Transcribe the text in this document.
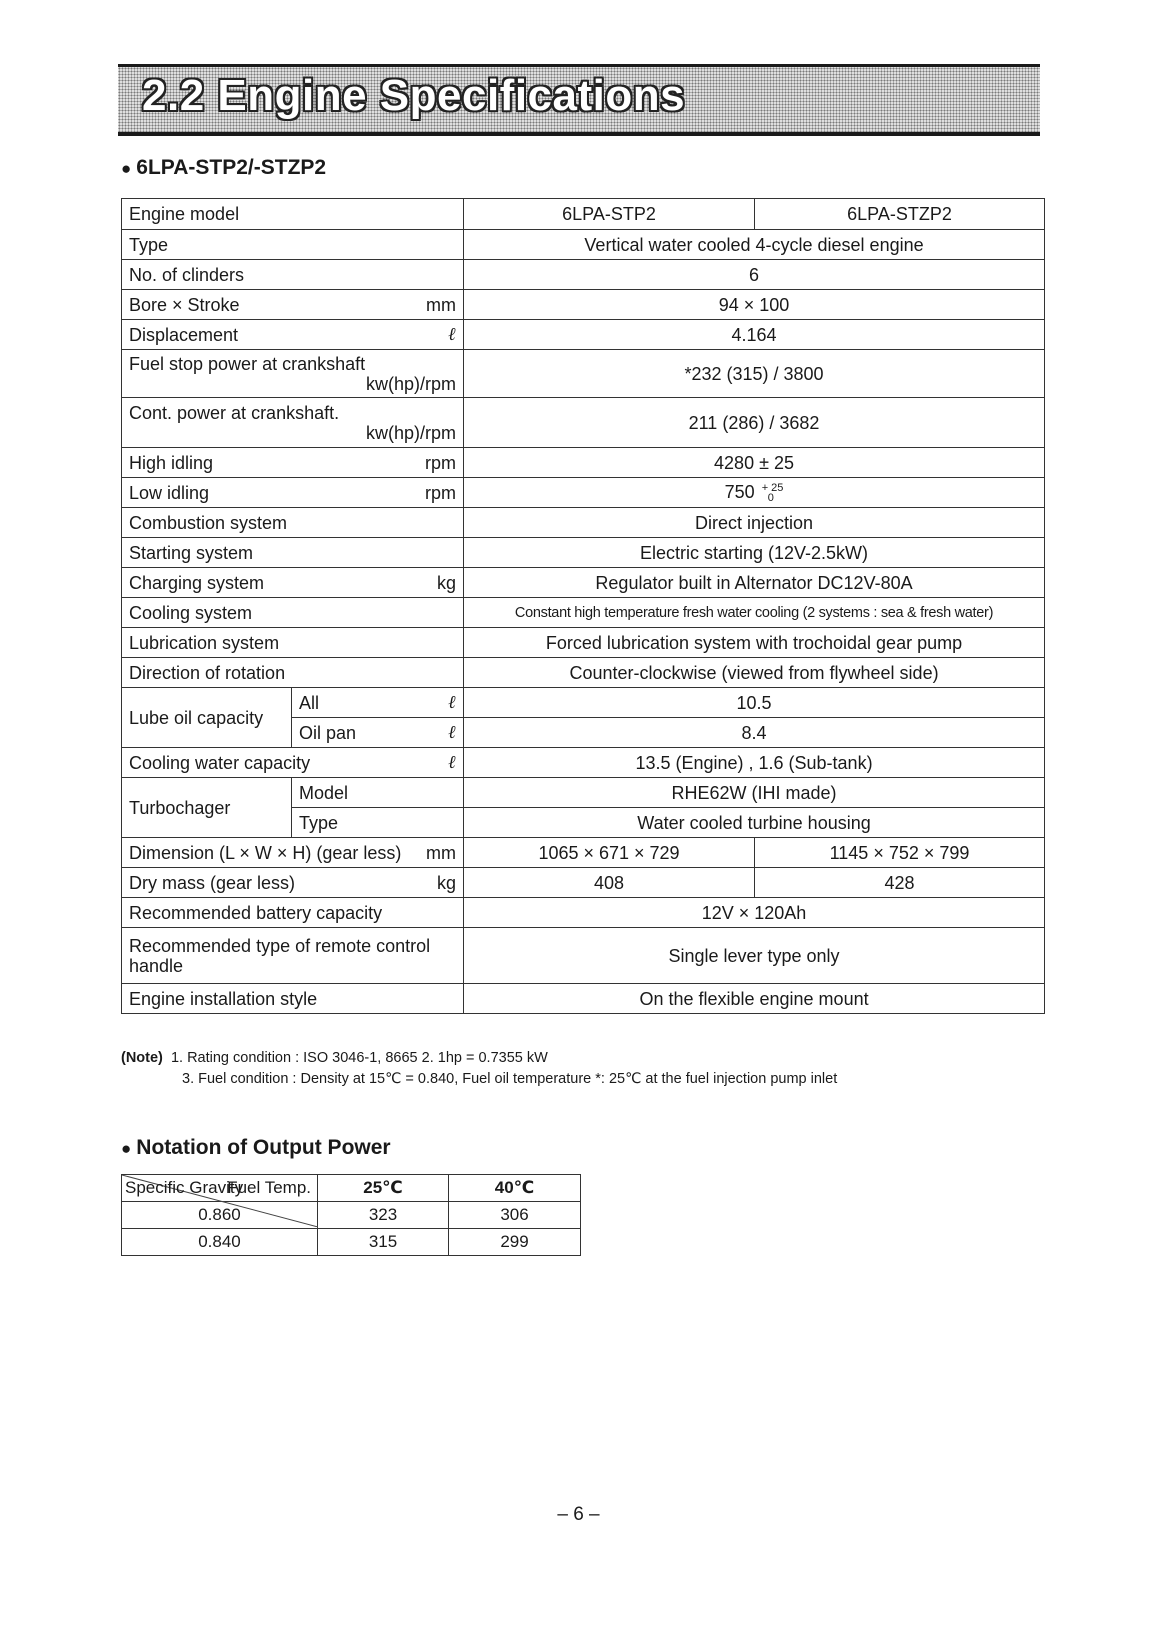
2.2 Engine Specifications
● 6LPA-STP2/-STZP2
Engine model		6LPA-STP2	6LPA-STZP2
Type		Vertical water cooled 4-cycle diesel engine	
No. of clinders		6	

Bore × Stroke mm		94 × 100	

Displacement ℓ		4.164	

Fuel stop power at crankshaft
kw(hp)/rpm		*232 (315) / 3800	

Cont. power at crankshaft.
kw(hp)/rpm		211 (286) / 3682	

High idling rpm		4280 ± 25	

Low idling rpm		750 + 25
0	

Combustion system		Direct injection	
Starting system		Electric starting (12V-2.5kW)	

Charging system kg		Regulator built in Alternator DC12V-80A	
Cooling system		Constant high temperature fresh water cooling (2 systems : sea & fresh water)	
Lubrication system		Forced lubrication system with trochoidal gear pump	
Direction of rotation		Counter-clockwise (viewed from flywheel side)	
Lube oil capacity	All ℓ	10.5	

	Oil pan ℓ	8.4	

Cooling water capacity ℓ		13.5 (Engine) , 1.6 (Sub-tank)	
Turbochager	Model	RHE62W (IHI made)	
	Type	Water cooled turbine housing	

Dimension (L × W × H) (gear less) mm		1065 × 671 × 729	1145 × 752 × 799

Dry mass (gear less) kg		408	428
Recommended battery capacity		12V × 120Ah	
Recommended type of remote control handle		Single lever type only	
Engine installation style		On the flexible engine mount	
(Note) 1. Rating condition : ISO 3046-1, 8665 2. 1hp = 0.7355 kW
3. Fuel condition : Density at 15℃ = 0.840, Fuel oil temperature *: 25℃ at the fuel injection pump inlet
● Notation of Output Power
Fuel Temp.
Specific Gravity	25℃	40℃
0.860	323	306
0.840	315	299
– 6 –
